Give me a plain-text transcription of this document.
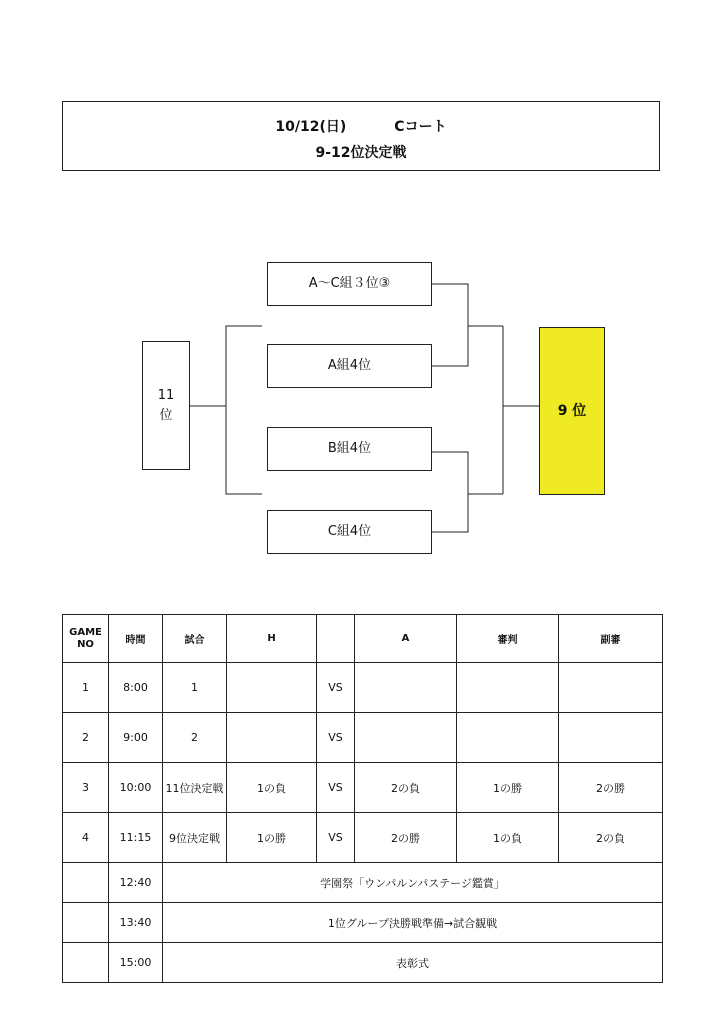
10/12(日)	Cコート
9-12位決定戦
A〜C組３位③
A組4位
B組4位
C組4位
11
位	9 位
GAME
NO	時間	試合	H		A	審判	副審
1	8:00	1		VS			
2	9:00	2		VS			
3	10:00	11位決定戦	1の負	VS	2の負	1の勝	2の勝
4	11:15	9位決定戦	1の勝	VS	2の勝	1の負	2の負
	12:40	学園祭「ウンパルンパステージ鑑賞」					
	13:40	1位グループ決勝戦準備→試合観戦					
	15:00	表彰式					
